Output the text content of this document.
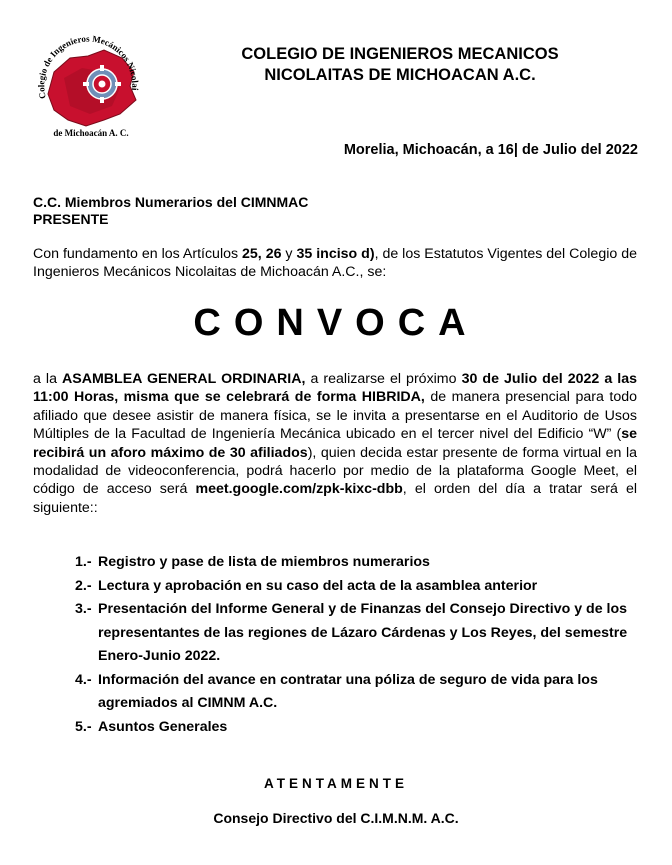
Colegio de Ingenieros Mecánicos Nicolai
de Michoacán A. C.
COLEGIO DE INGENIEROS MECANICOS
NICOLAITAS DE MICHOACAN A.C.
Morelia, Michoacán, a 16| de Julio del 2022
C.C. Miembros Numerarios del CIMNMAC
PRESENTE

Con fundamento en los Artículos 25, 26 y 35 inciso d), de los Estatutos Vigentes del Colegio de Ingenieros Mecánicos Nicolaitas de Michoacán A.C., se:

CONVOCA

a la ASAMBLEA GENERAL ORDINARIA, a realizarse el próximo 30 de Julio del 2022 a las 11:00 Horas, misma que se celebrará de forma HIBRIDA, de manera presencial para todo afiliado que desee asistir de manera física, se le invita a presentarse en el Auditorio de Usos Múltiples de la Facultad de Ingeniería Mecánica ubicado en el tercer nivel del Edificio “W” (se recibirá un aforo máximo de 30 afiliados), quien decida estar presente de forma virtual en la modalidad de videoconferencia, podrá hacerlo por medio de la plataforma Google Meet, el código de acceso será meet.google.com/zpk-kixc-dbb, el orden del día a tratar será el siguiente::

1.- Registro y pase de lista de miembros numerarios
2.- Lectura y aprobación en su caso del acta de la asamblea anterior
3.- Presentación del Informe General y de Finanzas del Consejo Directivo y de los representantes de las regiones de Lázaro Cárdenas y Los Reyes, del semestre Enero-Junio 2022.
4.- Información del avance en contratar una póliza de seguro de vida para los agremiados al CIMNM A.C.
5.- Asuntos Generales
ATENTAMENTE
Consejo Directivo del C.I.M.N.M. A.C.
